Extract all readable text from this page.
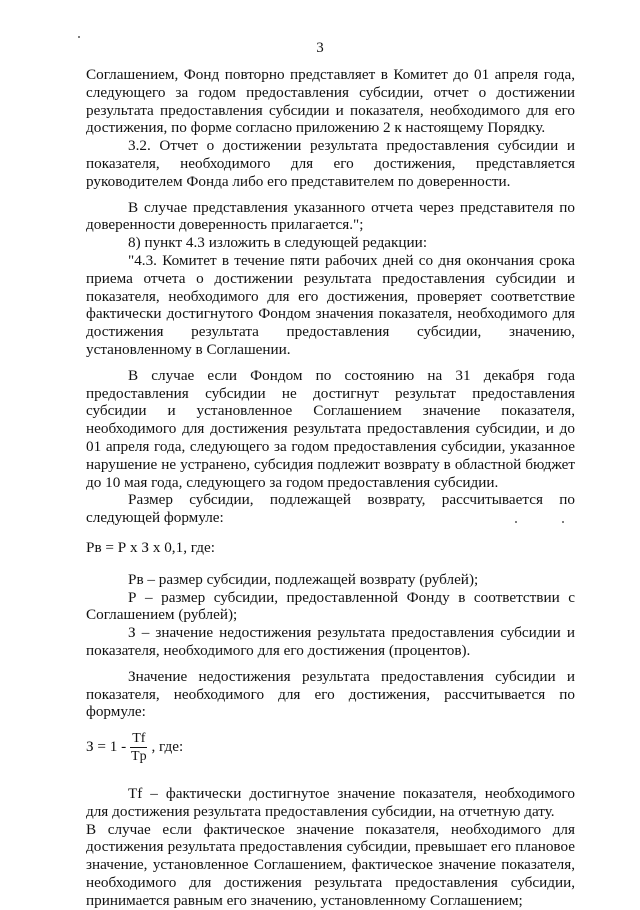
3

Соглашением, Фонд повторно представляет в Комитет до 01 апреля года, следующего за годом предоставления субсидии, отчет о достижении результата предоставления субсидии и показателя, необходимого для его достижения, по форме согласно приложению 2 к настоящему Порядку.

3.2. Отчет о достижении результата предоставления субсидии и показателя, необходимого для его достижения, представляется руководителем Фонда либо его представителем по доверенности.

В случае представления указанного отчета через представителя по доверенности доверенность прилагается.";

8) пункт 4.3 изложить в следующей редакции:

"4.3. Комитет в течение пяти рабочих дней со дня окончания срока приема отчета о достижении результата предоставления субсидии и показателя, необходимого для его достижения, проверяет соответствие фактически достигнутого Фондом значения показателя, необходимого для достижения результата предоставления субсидии, значению, установленному в Соглашении.

В случае если Фондом по состоянию на 31 декабря года предоставления субсидии не достигнут результат предоставления субсидии и установленное Соглашением значение показателя, необходимого для достижения результата предоставления субсидии, и до 01 апреля года, следующего за годом предоставления субсидии, указанное нарушение не устранено, субсидия подлежит возврату в областной бюджет до 10 мая года, следующего за годом предоставления субсидии.

Размер субсидии, подлежащей возврату, рассчитывается по следующей формуле:

Рв = Р х З х 0,1, где:

Рв – размер субсидии, подлежащей возврату (рублей);

Р – размер субсидии, предоставленной Фонду в соответствии с Соглашением (рублей);

З – значение недостижения результата предоставления субсидии и показателя, необходимого для его достижения (процентов).

Значение недостижения результата предоставления субсидии и показателя, необходимого для его достижения, рассчитывается по формуле:

$З = 1 - \frac{Tf}{Tp}$ , где:

Tf – фактически достигнутое значение показателя, необходимого для достижения результата предоставления субсидии, на отчетную дату.

В случае если фактическое значение показателя, необходимого для достижения результата предоставления субсидии, превышает его плановое значение, установленное Соглашением, фактическое значение показателя, необходимого для достижения результата предоставления субсидии, принимается равным его значению, установленному Соглашением;
